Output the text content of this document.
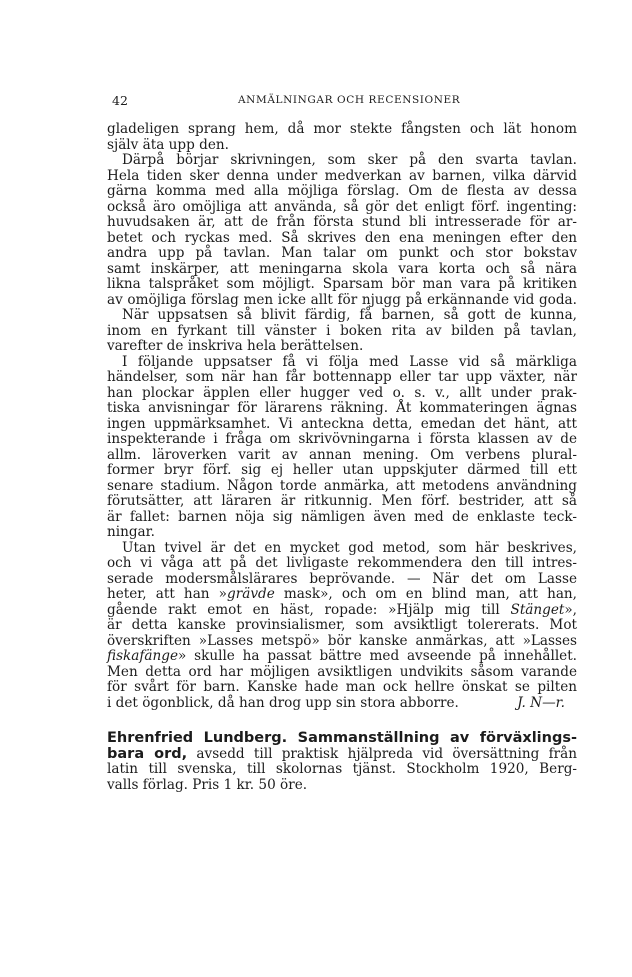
42	ANMÄLNINGAR OCH RECENSIONER
gladeligen sprang hem, då mor stekte fångsten och lät honom
själv äta upp den.
Därpå börjar skrivningen, som sker på den svarta tavlan.
Hela tiden sker denna under medverkan av barnen, vilka därvid
gärna komma med alla möjliga förslag. Om de flesta av dessa
också äro omöjliga att använda, så gör det enligt förf. ingenting:
huvudsaken är, att de från första stund bli intresserade för ar-
betet och ryckas med. Så skrives den ena meningen efter den
andra upp på tavlan. Man talar om punkt och stor bokstav
samt inskärper, att meningarna skola vara korta och så nära
likna talspråket som möjligt. Sparsam bör man vara på kritiken
av omöjliga förslag men icke allt för njugg på erkännande vid goda.
När uppsatsen så blivit färdig, få barnen, så gott de kunna,
inom en fyrkant till vänster i boken rita av bilden på tavlan,
varefter de inskriva hela berättelsen.
I följande uppsatser få vi följa med Lasse vid så märkliga
händelser, som när han får bottennapp eller tar upp växter, när
han plockar äpplen eller hugger ved o. s. v., allt under prak-
tiska anvisningar för lärarens räkning. Åt kommateringen ägnas
ingen uppmärksamhet. Vi anteckna detta, emedan det hänt, att
inspekterande i fråga om skrivövningarna i första klassen av de
allm. läroverken varit av annan mening. Om verbens plural-
former bryr förf. sig ej heller utan uppskjuter därmed till ett
senare stadium. Någon torde anmärka, att metodens användning
förutsätter, att läraren är ritkunnig. Men förf. bestrider, att så
är fallet: barnen nöja sig nämligen även med de enklaste teck-
ningar.
Utan tvivel är det en mycket god metod, som här beskrives,
och vi våga att på det livligaste rekommendera den till intres-
serade modersmålslärares beprövande. — När det om Lasse
heter, att han »grävde mask», och om en blind man, att han,
gående rakt emot en häst, ropade: »Hjälp mig till Stänget»,
är detta kanske provinsialismer, som avsiktligt tolererats. Mot
överskriften »Lasses metspö» bör kanske anmärkas, att »Lasses
fiskafänge» skulle ha passat bättre med avseende på innehållet.
Men detta ord har möjligen avsiktligen undvikits såsom varande
för svårt för barn. Kanske hade man ock hellre önskat se pilten
i det ögonblick, då han drog upp sin stora abborre.	J. N—r.
Ehrenfried Lundberg. Sammanställning av förväxlings-
bara ord, avsedd till praktisk hjälpreda vid översättning från
latin till svenska, till skolornas tjänst. Stockholm 1920, Berg-
valls förlag. Pris 1 kr. 50 öre.
